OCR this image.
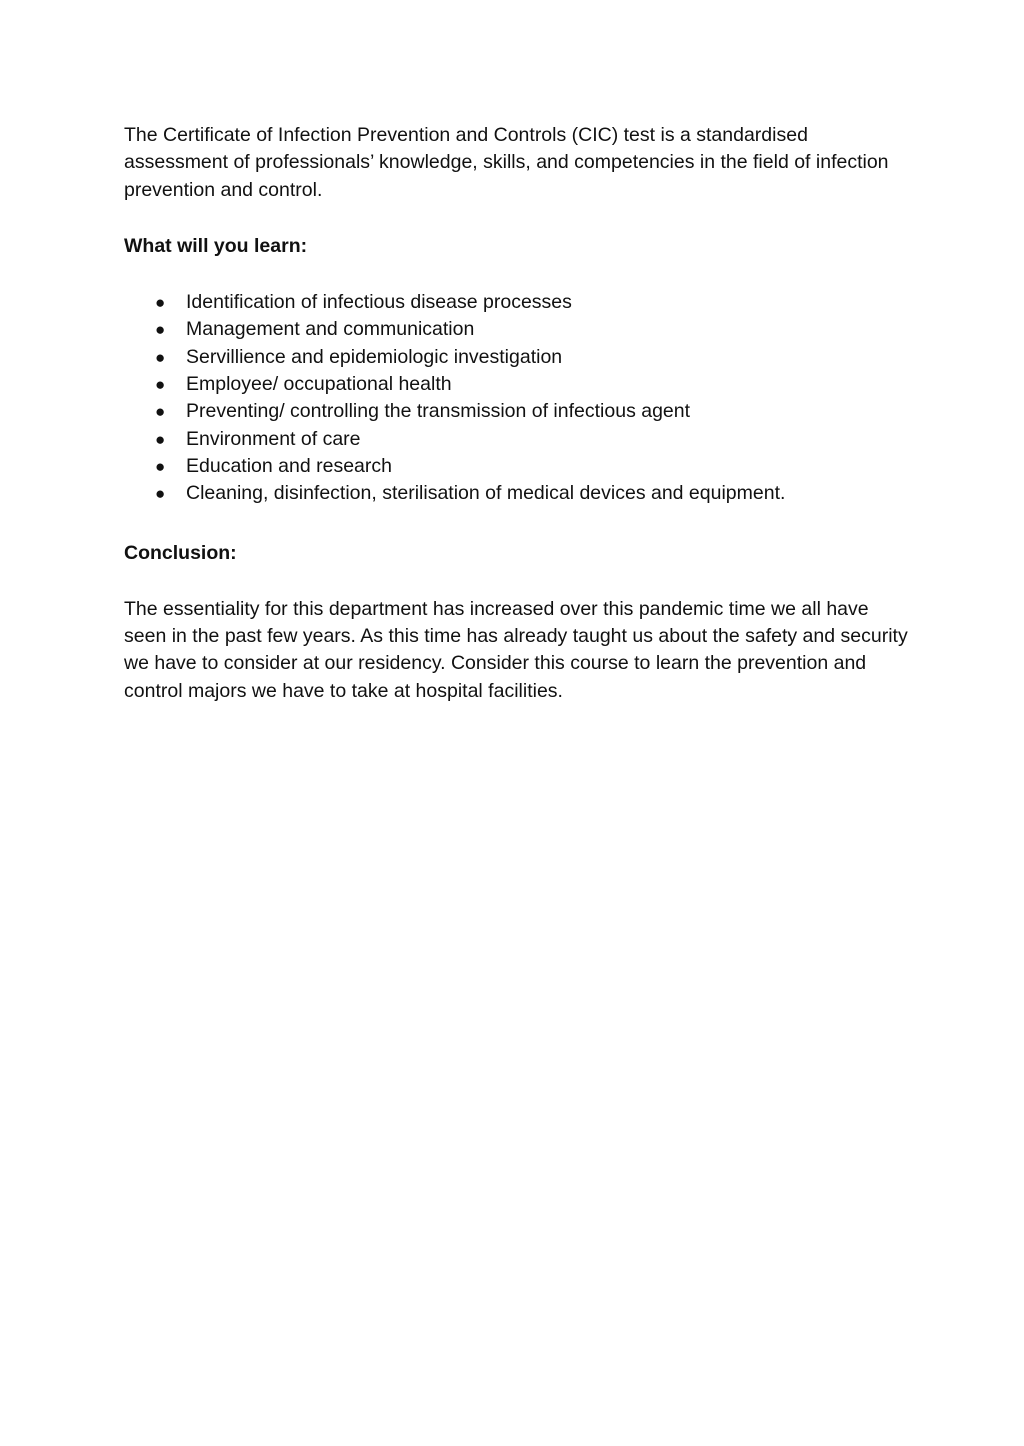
The Certificate of Infection Prevention and Controls (CIC) test is a standardised assessment of professionals’ knowledge, skills, and competencies in the field of infection prevention and control.

What will you learn:

● Identification of infectious disease processes
● Management and communication
● Servillience and epidemiologic investigation
● Employee/ occupational health
● Preventing/ controlling the transmission of infectious agent
● Environment of care
● Education and research
● Cleaning, disinfection, sterilisation of medical devices and equipment.

Conclusion:

The essentiality for this department has increased over this pandemic time we all have seen in the past few years. As this time has already taught us about the safety and security we have to consider at our residency. Consider this course to learn the prevention and control majors we have to take at hospital facilities.
